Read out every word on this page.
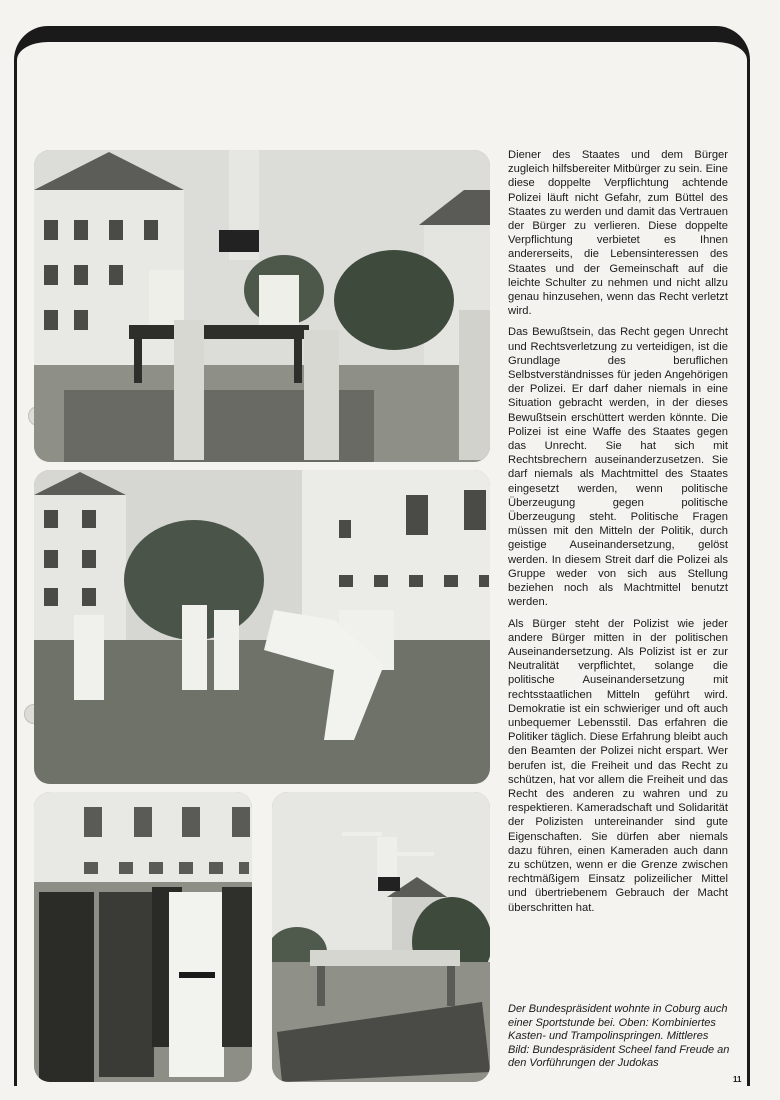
Diener des Staates und dem Bürger zugleich hilfsbereiter Mitbürger zu sein. Eine diese doppelte Verpflichtung achtende Polizei läuft nicht Gefahr, zum Büttel des Staates zu werden und damit das Vertrauen der Bürger zu verlieren. Diese doppelte Verpflichtung verbietet es Ihnen andererseits, die Lebensinteressen des Staates und der Gemeinschaft auf die leichte Schulter zu nehmen und nicht allzu genau hinzusehen, wenn das Recht verletzt wird.

Das Bewußtsein, das Recht gegen Unrecht und Rechtsverletzung zu verteidigen, ist die Grundlage des beruflichen Selbstverständnisses für jeden Angehörigen der Polizei. Er darf daher niemals in eine Situation gebracht werden, in der dieses Bewußtsein erschüttert werden könnte. Die Polizei ist eine Waffe des Staates gegen das Unrecht. Sie hat sich mit Rechtsbrechern auseinanderzusetzen. Sie darf niemals als Machtmittel des Staates eingesetzt werden, wenn politische Überzeugung gegen politische Überzeugung steht. Politische Fragen müssen mit den Mitteln der Politik, durch geistige Auseinandersetzung, gelöst werden. In diesem Streit darf die Polizei als Gruppe weder von sich aus Stellung beziehen noch als Machtmittel benutzt werden.

Als Bürger steht der Polizist wie jeder andere Bürger mitten in der politischen Auseinandersetzung. Als Polizist ist er zur Neutralität verpflichtet, solange die politische Auseinandersetzung mit rechtsstaatlichen Mitteln geführt wird. Demokratie ist ein schwieriger und oft auch unbequemer Lebensstil. Das erfahren die Politiker täglich. Diese Erfahrung bleibt auch den Beamten der Polizei nicht erspart. Wer berufen ist, die Freiheit und das Recht zu schützen, hat vor allem die Freiheit und das Recht des anderen zu wahren und zu respektieren. Kameradschaft und Solidarität der Polizisten untereinander sind gute Eigenschaften. Sie dürfen aber niemals dazu führen, einen Kameraden auch dann zu schützen, wenn er die Grenze zwischen rechtmäßigem Einsatz polizeilicher Mittel und übertriebenem Gebrauch der Macht überschritten hat.

Der Bundespräsident wohnte in Coburg auch einer Sportstunde bei. Oben: Kombiniertes Kasten- und Trampolinspringen. Mittleres Bild: Bundespräsident Scheel fand Freude an den Vorführungen der Judokas

11
